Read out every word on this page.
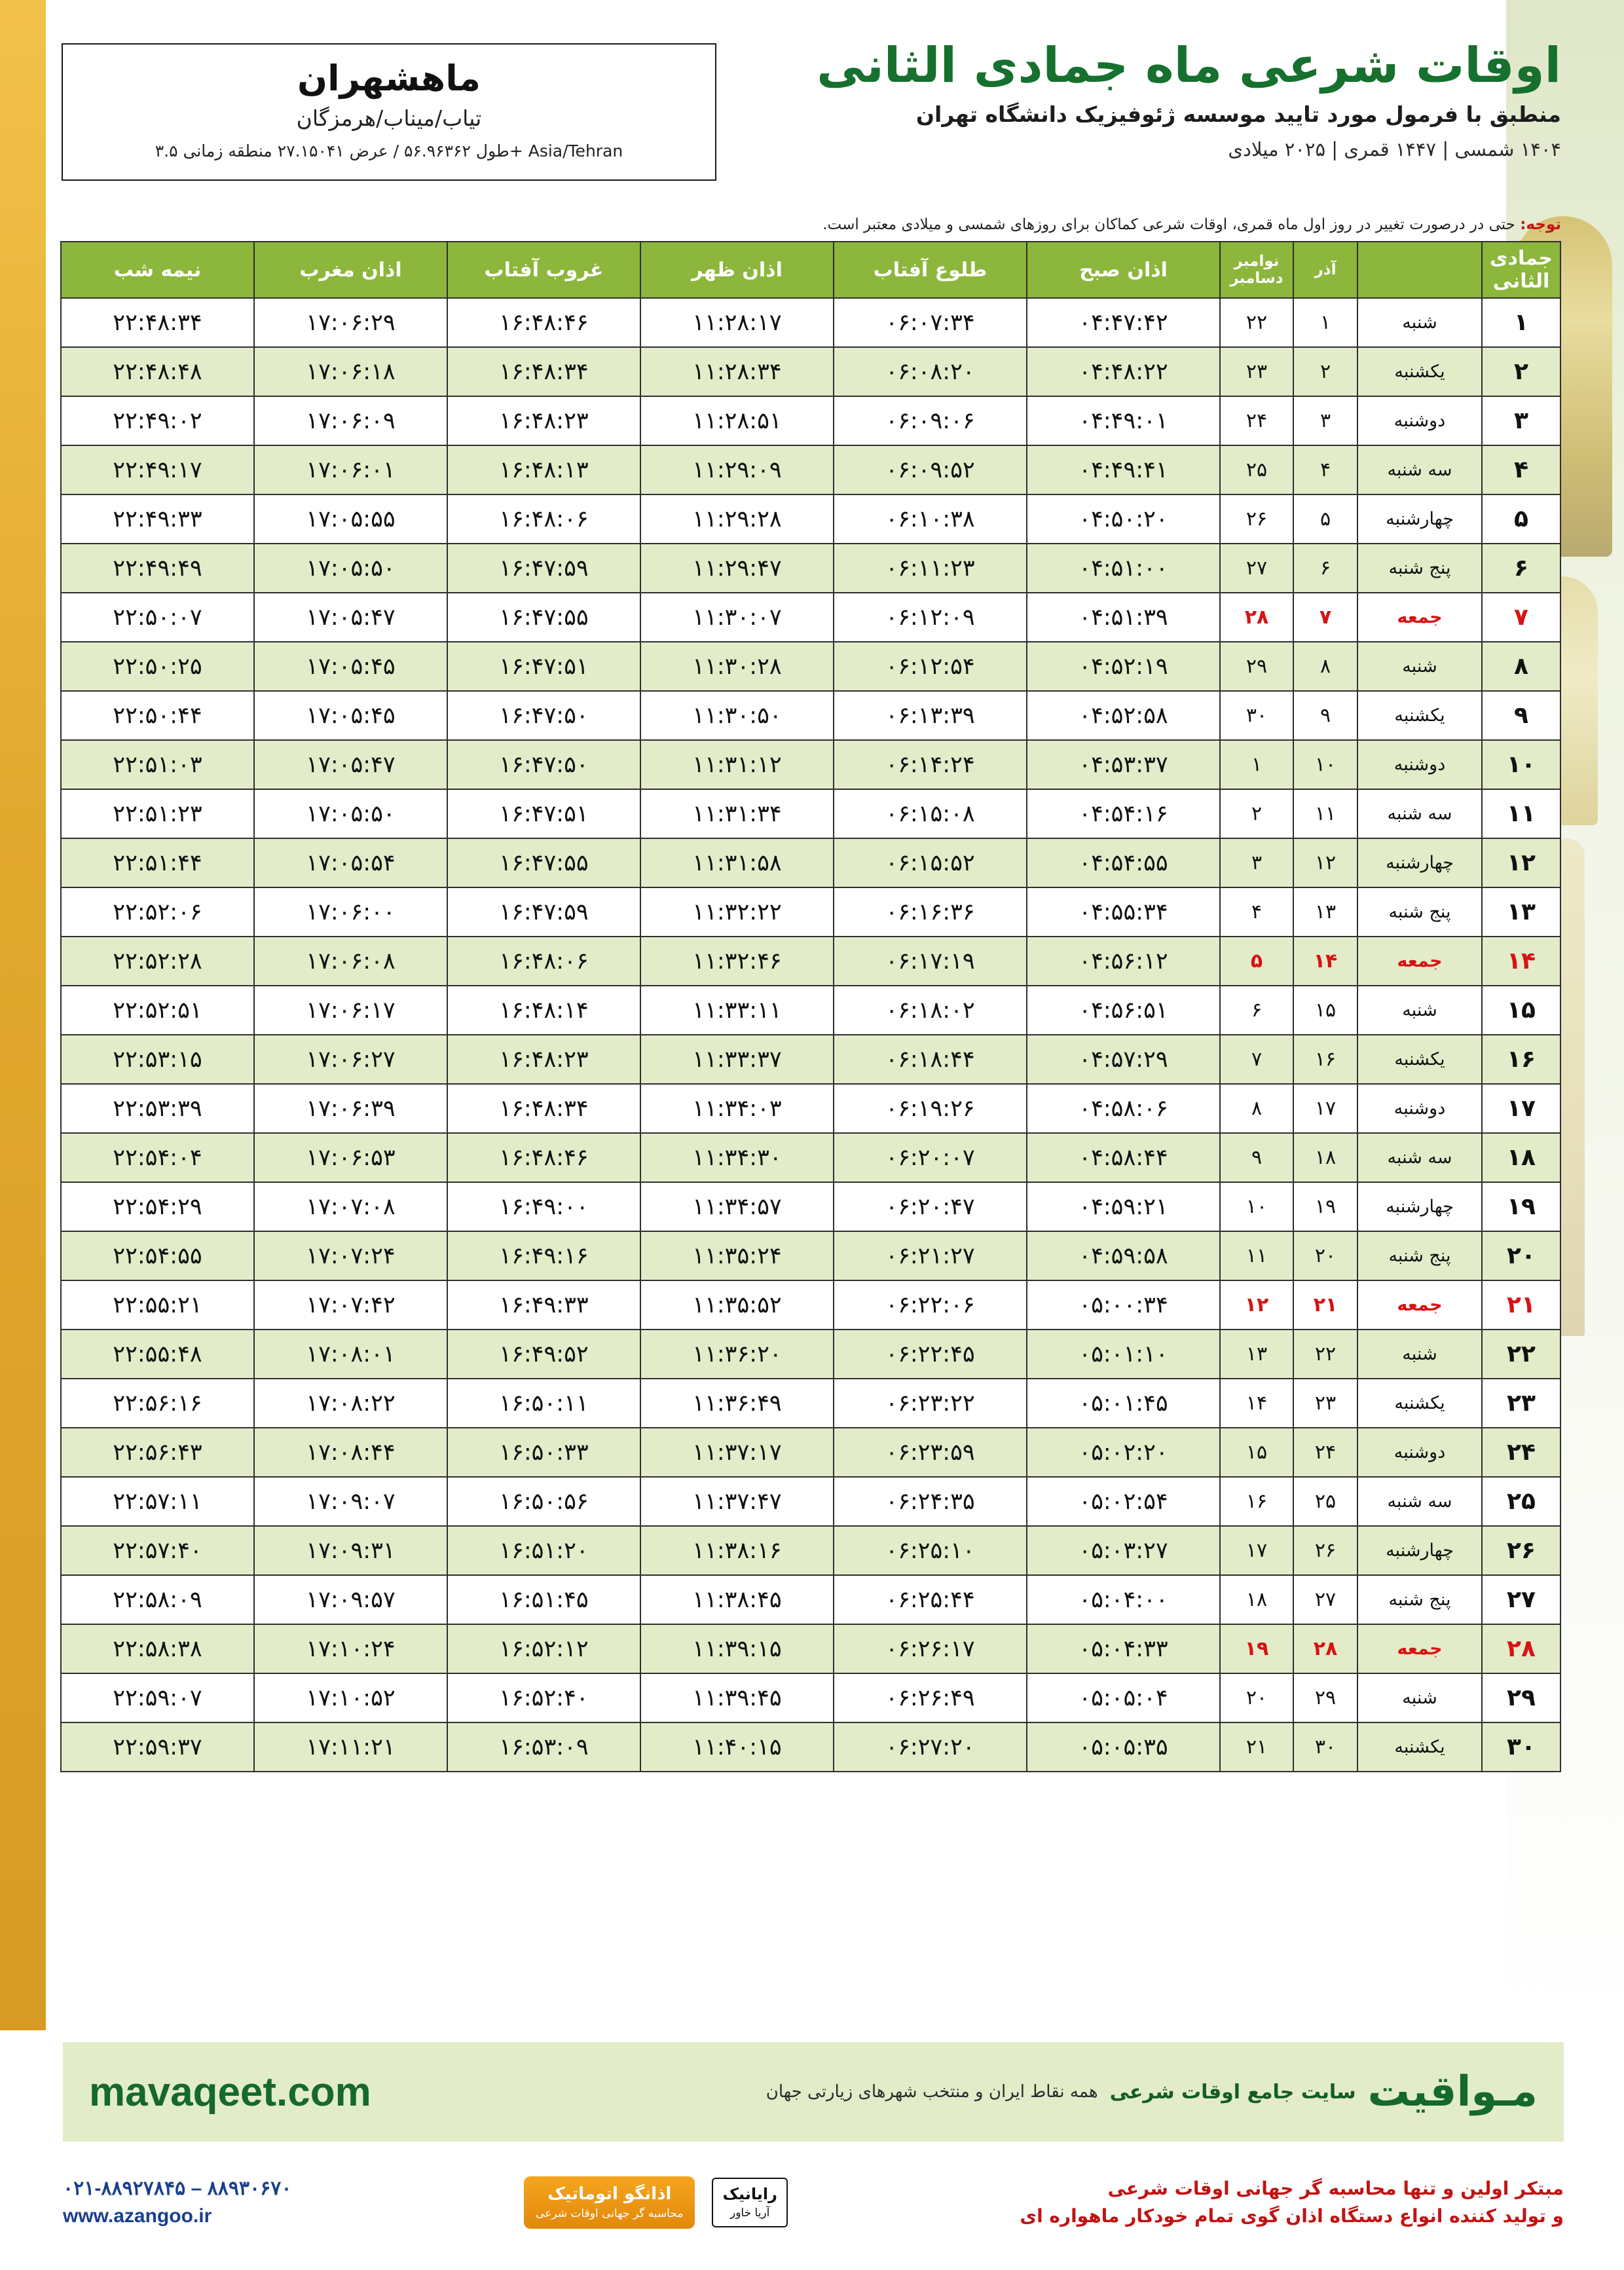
اوقات شرعی ماه جمادی الثانی
منطبق با فرمول مورد تایید موسسه ژئوفیزیک دانشگاه تهران
۱۴۰۴ شمسی | ۱۴۴۷ قمری | ۲۰۲۵ میلادی
ماهشهران
تیاب/میناب/هرمزگان
طول ۵۶.۹۶۳۶۲ / عرض ۲۷.۱۵۰۴۱ منطقه زمانی ۳.۵+ Asia/Tehran
توجه: حتی در درصورت تغییر در روز اول ماه قمری، اوقات شرعی کماکان برای روزهای شمسی و میلادی معتبر است.
جمادی الثانی		آذر	نوامبر دسامبر	اذان صبح	طلوع آفتاب	اذان ظهر	غروب آفتاب	اذان مغرب	نیمه شب
۱	شنبه	۱	۲۲	۰۴:۴۷:۴۲	۰۶:۰۷:۳۴	۱۱:۲۸:۱۷	۱۶:۴۸:۴۶	۱۷:۰۶:۲۹	۲۲:۴۸:۳۴
۲	یکشنبه	۲	۲۳	۰۴:۴۸:۲۲	۰۶:۰۸:۲۰	۱۱:۲۸:۳۴	۱۶:۴۸:۳۴	۱۷:۰۶:۱۸	۲۲:۴۸:۴۸
۳	دوشنبه	۳	۲۴	۰۴:۴۹:۰۱	۰۶:۰۹:۰۶	۱۱:۲۸:۵۱	۱۶:۴۸:۲۳	۱۷:۰۶:۰۹	۲۲:۴۹:۰۲
۴	سه شنبه	۴	۲۵	۰۴:۴۹:۴۱	۰۶:۰۹:۵۲	۱۱:۲۹:۰۹	۱۶:۴۸:۱۳	۱۷:۰۶:۰۱	۲۲:۴۹:۱۷
۵	چهارشنبه	۵	۲۶	۰۴:۵۰:۲۰	۰۶:۱۰:۳۸	۱۱:۲۹:۲۸	۱۶:۴۸:۰۶	۱۷:۰۵:۵۵	۲۲:۴۹:۳۳
۶	پنج شنبه	۶	۲۷	۰۴:۵۱:۰۰	۰۶:۱۱:۲۳	۱۱:۲۹:۴۷	۱۶:۴۷:۵۹	۱۷:۰۵:۵۰	۲۲:۴۹:۴۹
۷	جمعه	۷	۲۸	۰۴:۵۱:۳۹	۰۶:۱۲:۰۹	۱۱:۳۰:۰۷	۱۶:۴۷:۵۵	۱۷:۰۵:۴۷	۲۲:۵۰:۰۷
۸	شنبه	۸	۲۹	۰۴:۵۲:۱۹	۰۶:۱۲:۵۴	۱۱:۳۰:۲۸	۱۶:۴۷:۵۱	۱۷:۰۵:۴۵	۲۲:۵۰:۲۵
۹	یکشنبه	۹	۳۰	۰۴:۵۲:۵۸	۰۶:۱۳:۳۹	۱۱:۳۰:۵۰	۱۶:۴۷:۵۰	۱۷:۰۵:۴۵	۲۲:۵۰:۴۴
۱۰	دوشنبه	۱۰	۱	۰۴:۵۳:۳۷	۰۶:۱۴:۲۴	۱۱:۳۱:۱۲	۱۶:۴۷:۵۰	۱۷:۰۵:۴۷	۲۲:۵۱:۰۳
۱۱	سه شنبه	۱۱	۲	۰۴:۵۴:۱۶	۰۶:۱۵:۰۸	۱۱:۳۱:۳۴	۱۶:۴۷:۵۱	۱۷:۰۵:۵۰	۲۲:۵۱:۲۳
۱۲	چهارشنبه	۱۲	۳	۰۴:۵۴:۵۵	۰۶:۱۵:۵۲	۱۱:۳۱:۵۸	۱۶:۴۷:۵۵	۱۷:۰۵:۵۴	۲۲:۵۱:۴۴
۱۳	پنج شنبه	۱۳	۴	۰۴:۵۵:۳۴	۰۶:۱۶:۳۶	۱۱:۳۲:۲۲	۱۶:۴۷:۵۹	۱۷:۰۶:۰۰	۲۲:۵۲:۰۶
۱۴	جمعه	۱۴	۵	۰۴:۵۶:۱۲	۰۶:۱۷:۱۹	۱۱:۳۲:۴۶	۱۶:۴۸:۰۶	۱۷:۰۶:۰۸	۲۲:۵۲:۲۸
۱۵	شنبه	۱۵	۶	۰۴:۵۶:۵۱	۰۶:۱۸:۰۲	۱۱:۳۳:۱۱	۱۶:۴۸:۱۴	۱۷:۰۶:۱۷	۲۲:۵۲:۵۱
۱۶	یکشنبه	۱۶	۷	۰۴:۵۷:۲۹	۰۶:۱۸:۴۴	۱۱:۳۳:۳۷	۱۶:۴۸:۲۳	۱۷:۰۶:۲۷	۲۲:۵۳:۱۵
۱۷	دوشنبه	۱۷	۸	۰۴:۵۸:۰۶	۰۶:۱۹:۲۶	۱۱:۳۴:۰۳	۱۶:۴۸:۳۴	۱۷:۰۶:۳۹	۲۲:۵۳:۳۹
۱۸	سه شنبه	۱۸	۹	۰۴:۵۸:۴۴	۰۶:۲۰:۰۷	۱۱:۳۴:۳۰	۱۶:۴۸:۴۶	۱۷:۰۶:۵۳	۲۲:۵۴:۰۴
۱۹	چهارشنبه	۱۹	۱۰	۰۴:۵۹:۲۱	۰۶:۲۰:۴۷	۱۱:۳۴:۵۷	۱۶:۴۹:۰۰	۱۷:۰۷:۰۸	۲۲:۵۴:۲۹
۲۰	پنج شنبه	۲۰	۱۱	۰۴:۵۹:۵۸	۰۶:۲۱:۲۷	۱۱:۳۵:۲۴	۱۶:۴۹:۱۶	۱۷:۰۷:۲۴	۲۲:۵۴:۵۵
۲۱	جمعه	۲۱	۱۲	۰۵:۰۰:۳۴	۰۶:۲۲:۰۶	۱۱:۳۵:۵۲	۱۶:۴۹:۳۳	۱۷:۰۷:۴۲	۲۲:۵۵:۲۱
۲۲	شنبه	۲۲	۱۳	۰۵:۰۱:۱۰	۰۶:۲۲:۴۵	۱۱:۳۶:۲۰	۱۶:۴۹:۵۲	۱۷:۰۸:۰۱	۲۲:۵۵:۴۸
۲۳	یکشنبه	۲۳	۱۴	۰۵:۰۱:۴۵	۰۶:۲۳:۲۲	۱۱:۳۶:۴۹	۱۶:۵۰:۱۱	۱۷:۰۸:۲۲	۲۲:۵۶:۱۶
۲۴	دوشنبه	۲۴	۱۵	۰۵:۰۲:۲۰	۰۶:۲۳:۵۹	۱۱:۳۷:۱۷	۱۶:۵۰:۳۳	۱۷:۰۸:۴۴	۲۲:۵۶:۴۳
۲۵	سه شنبه	۲۵	۱۶	۰۵:۰۲:۵۴	۰۶:۲۴:۳۵	۱۱:۳۷:۴۷	۱۶:۵۰:۵۶	۱۷:۰۹:۰۷	۲۲:۵۷:۱۱
۲۶	چهارشنبه	۲۶	۱۷	۰۵:۰۳:۲۷	۰۶:۲۵:۱۰	۱۱:۳۸:۱۶	۱۶:۵۱:۲۰	۱۷:۰۹:۳۱	۲۲:۵۷:۴۰
۲۷	پنج شنبه	۲۷	۱۸	۰۵:۰۴:۰۰	۰۶:۲۵:۴۴	۱۱:۳۸:۴۵	۱۶:۵۱:۴۵	۱۷:۰۹:۵۷	۲۲:۵۸:۰۹
۲۸	جمعه	۲۸	۱۹	۰۵:۰۴:۳۳	۰۶:۲۶:۱۷	۱۱:۳۹:۱۵	۱۶:۵۲:۱۲	۱۷:۱۰:۲۴	۲۲:۵۸:۳۸
۲۹	شنبه	۲۹	۲۰	۰۵:۰۵:۰۴	۰۶:۲۶:۴۹	۱۱:۳۹:۴۵	۱۶:۵۲:۴۰	۱۷:۱۰:۵۲	۲۲:۵۹:۰۷
۳۰	یکشنبه	۳۰	۲۱	۰۵:۰۵:۳۵	۰۶:۲۷:۲۰	۱۱:۴۰:۱۵	۱۶:۵۳:۰۹	۱۷:۱۱:۲۱	۲۲:۵۹:۳۷
مـواقیت
سایت جامع اوقات شرعی
همه نقاط ایران و منتخب شهرهای زیارتی جهان
mavaqeet.com
مبتکر اولین و تنها محاسبه گر جهانی اوقات شرعی
و تولید کننده انواع دستگاه اذان گوی تمام خودکار ماهواره ای
رایانیک
آریا خاور
اذانگو اتوماتیک
محاسبه گر جهانی اوقات شرعی
۰۲۱-۸۸۹۲۷۸۴۵ – ۸۸۹۳۰۶۷۰
www.azangoo.ir
